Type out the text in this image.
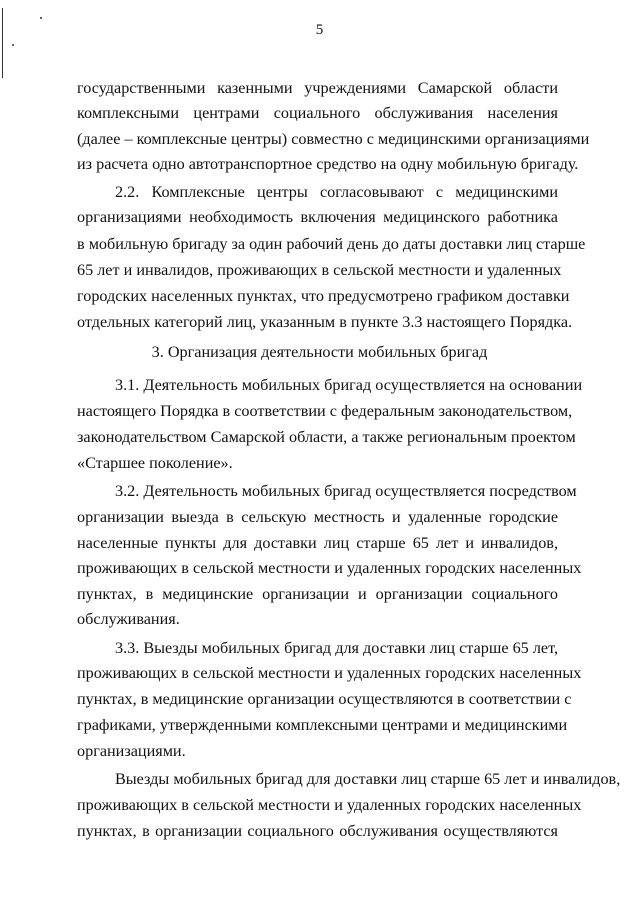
5
государственными казенными учреждениями Самарской области
комплексными центрами социального обслуживания населения
(далее – комплексные центры) совместно с медицинскими организациями
из расчета одно автотранспортное средство на одну мобильную бригаду.
2.2. Комплексные центры согласовывают с медицинскими
организациями необходимость включения медицинского работника
в мобильную бригаду за один рабочий день до даты доставки лиц старше
65 лет и инвалидов, проживающих в сельской местности и удаленных
городских населенных пунктах, что предусмотрено графиком доставки
отдельных категорий лиц, указанным в пункте 3.3 настоящего Порядка.
3. Организация деятельности мобильных бригад
3.1. Деятельность мобильных бригад осуществляется на основании
настоящего Порядка в соответствии с федеральным законодательством,
законодательством Самарской области, а также региональным проектом
«Старшее поколение».
3.2. Деятельность мобильных бригад осуществляется посредством
организации выезда в сельскую местность и удаленные городские
населенные пункты для доставки лиц старше 65 лет и инвалидов,
проживающих в сельской местности и удаленных городских населенных
пунктах, в медицинские организации и организации социального
обслуживания.
3.3. Выезды мобильных бригад для доставки лиц старше 65 лет,
проживающих в сельской местности и удаленных городских населенных
пунктах, в медицинские организации осуществляются в соответствии с
графиками, утвержденными комплексными центрами и медицинскими
организациями.
Выезды мобильных бригад для доставки лиц старше 65 лет и инвалидов,
проживающих в сельской местности и удаленных городских населенных
пунктах, в организации социального обслуживания осуществляются
